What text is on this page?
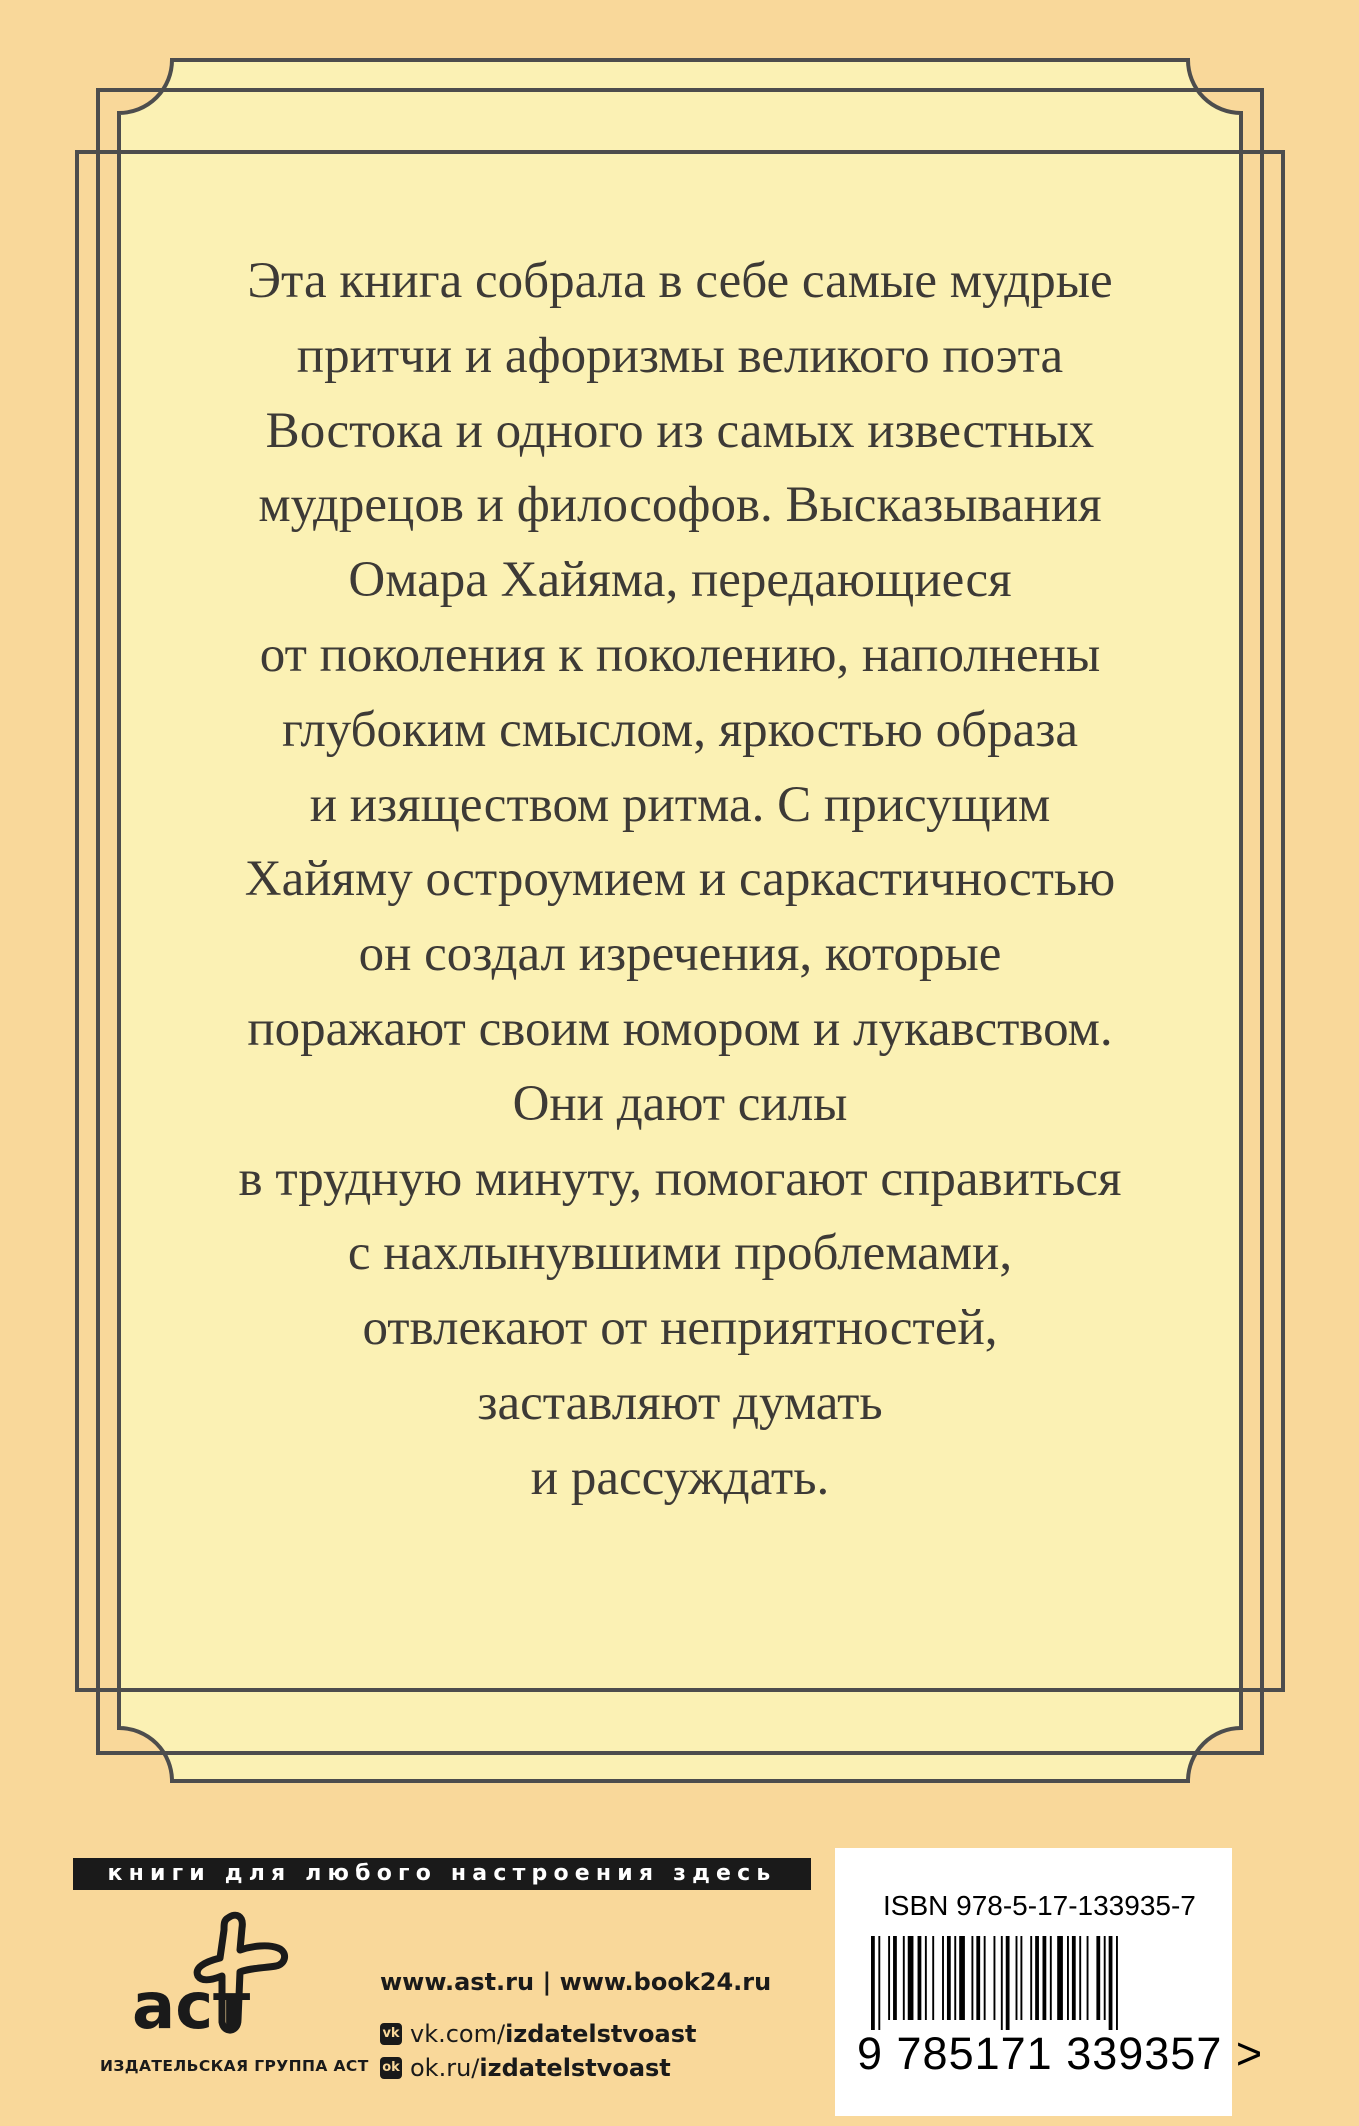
Эта книга собрала в себе самые мудрые
притчи и афоризмы великого поэта
Востока и одного из самых известных
мудрецов и философов. Высказывания
Омара Хайяма, передающиеся
от поколения к поколению, наполнены
глубоким смыслом, яркостью образа
и изяществом ритма. С присущим
Хайяму остроумием и саркастичностью
он создал изречения, которые
поражают своим юмором и лукавством.
Они дают силы
в трудную минуту, помогают справиться
с нахлынувшими проблемами,
отвлекают от неприятностей,
заставляют думать
и рассуждать.
книги для любого настроения здесь
аст
ИЗДАТЕЛЬСКАЯ ГРУППА АСТ
www.ast.ru | www.book24.ru
vk vk.com/izdatelstvoast
ok ok.ru/izdatelstvoast
ISBN 978-5-17-133935-7
9 785171 339357 >
